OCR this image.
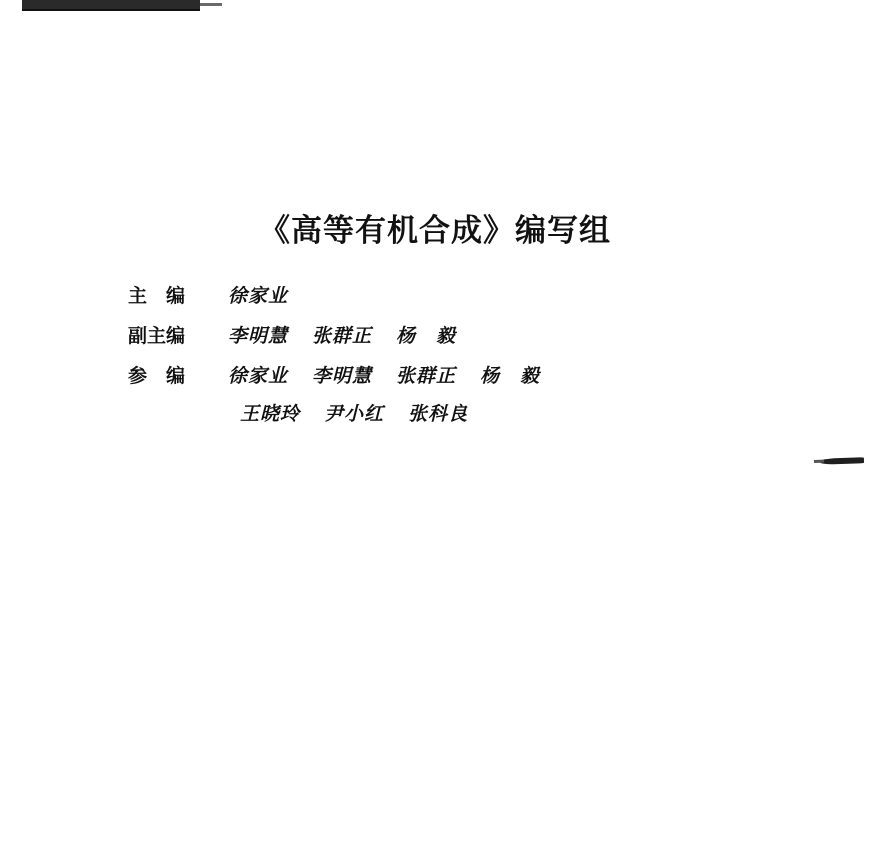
《高等有机合成》编写组
主　编	徐家业
副主编	李明慧 张群正 杨　毅
参　编	徐家业 李明慧 张群正 杨　毅
王晓玲 尹小红 张科良
